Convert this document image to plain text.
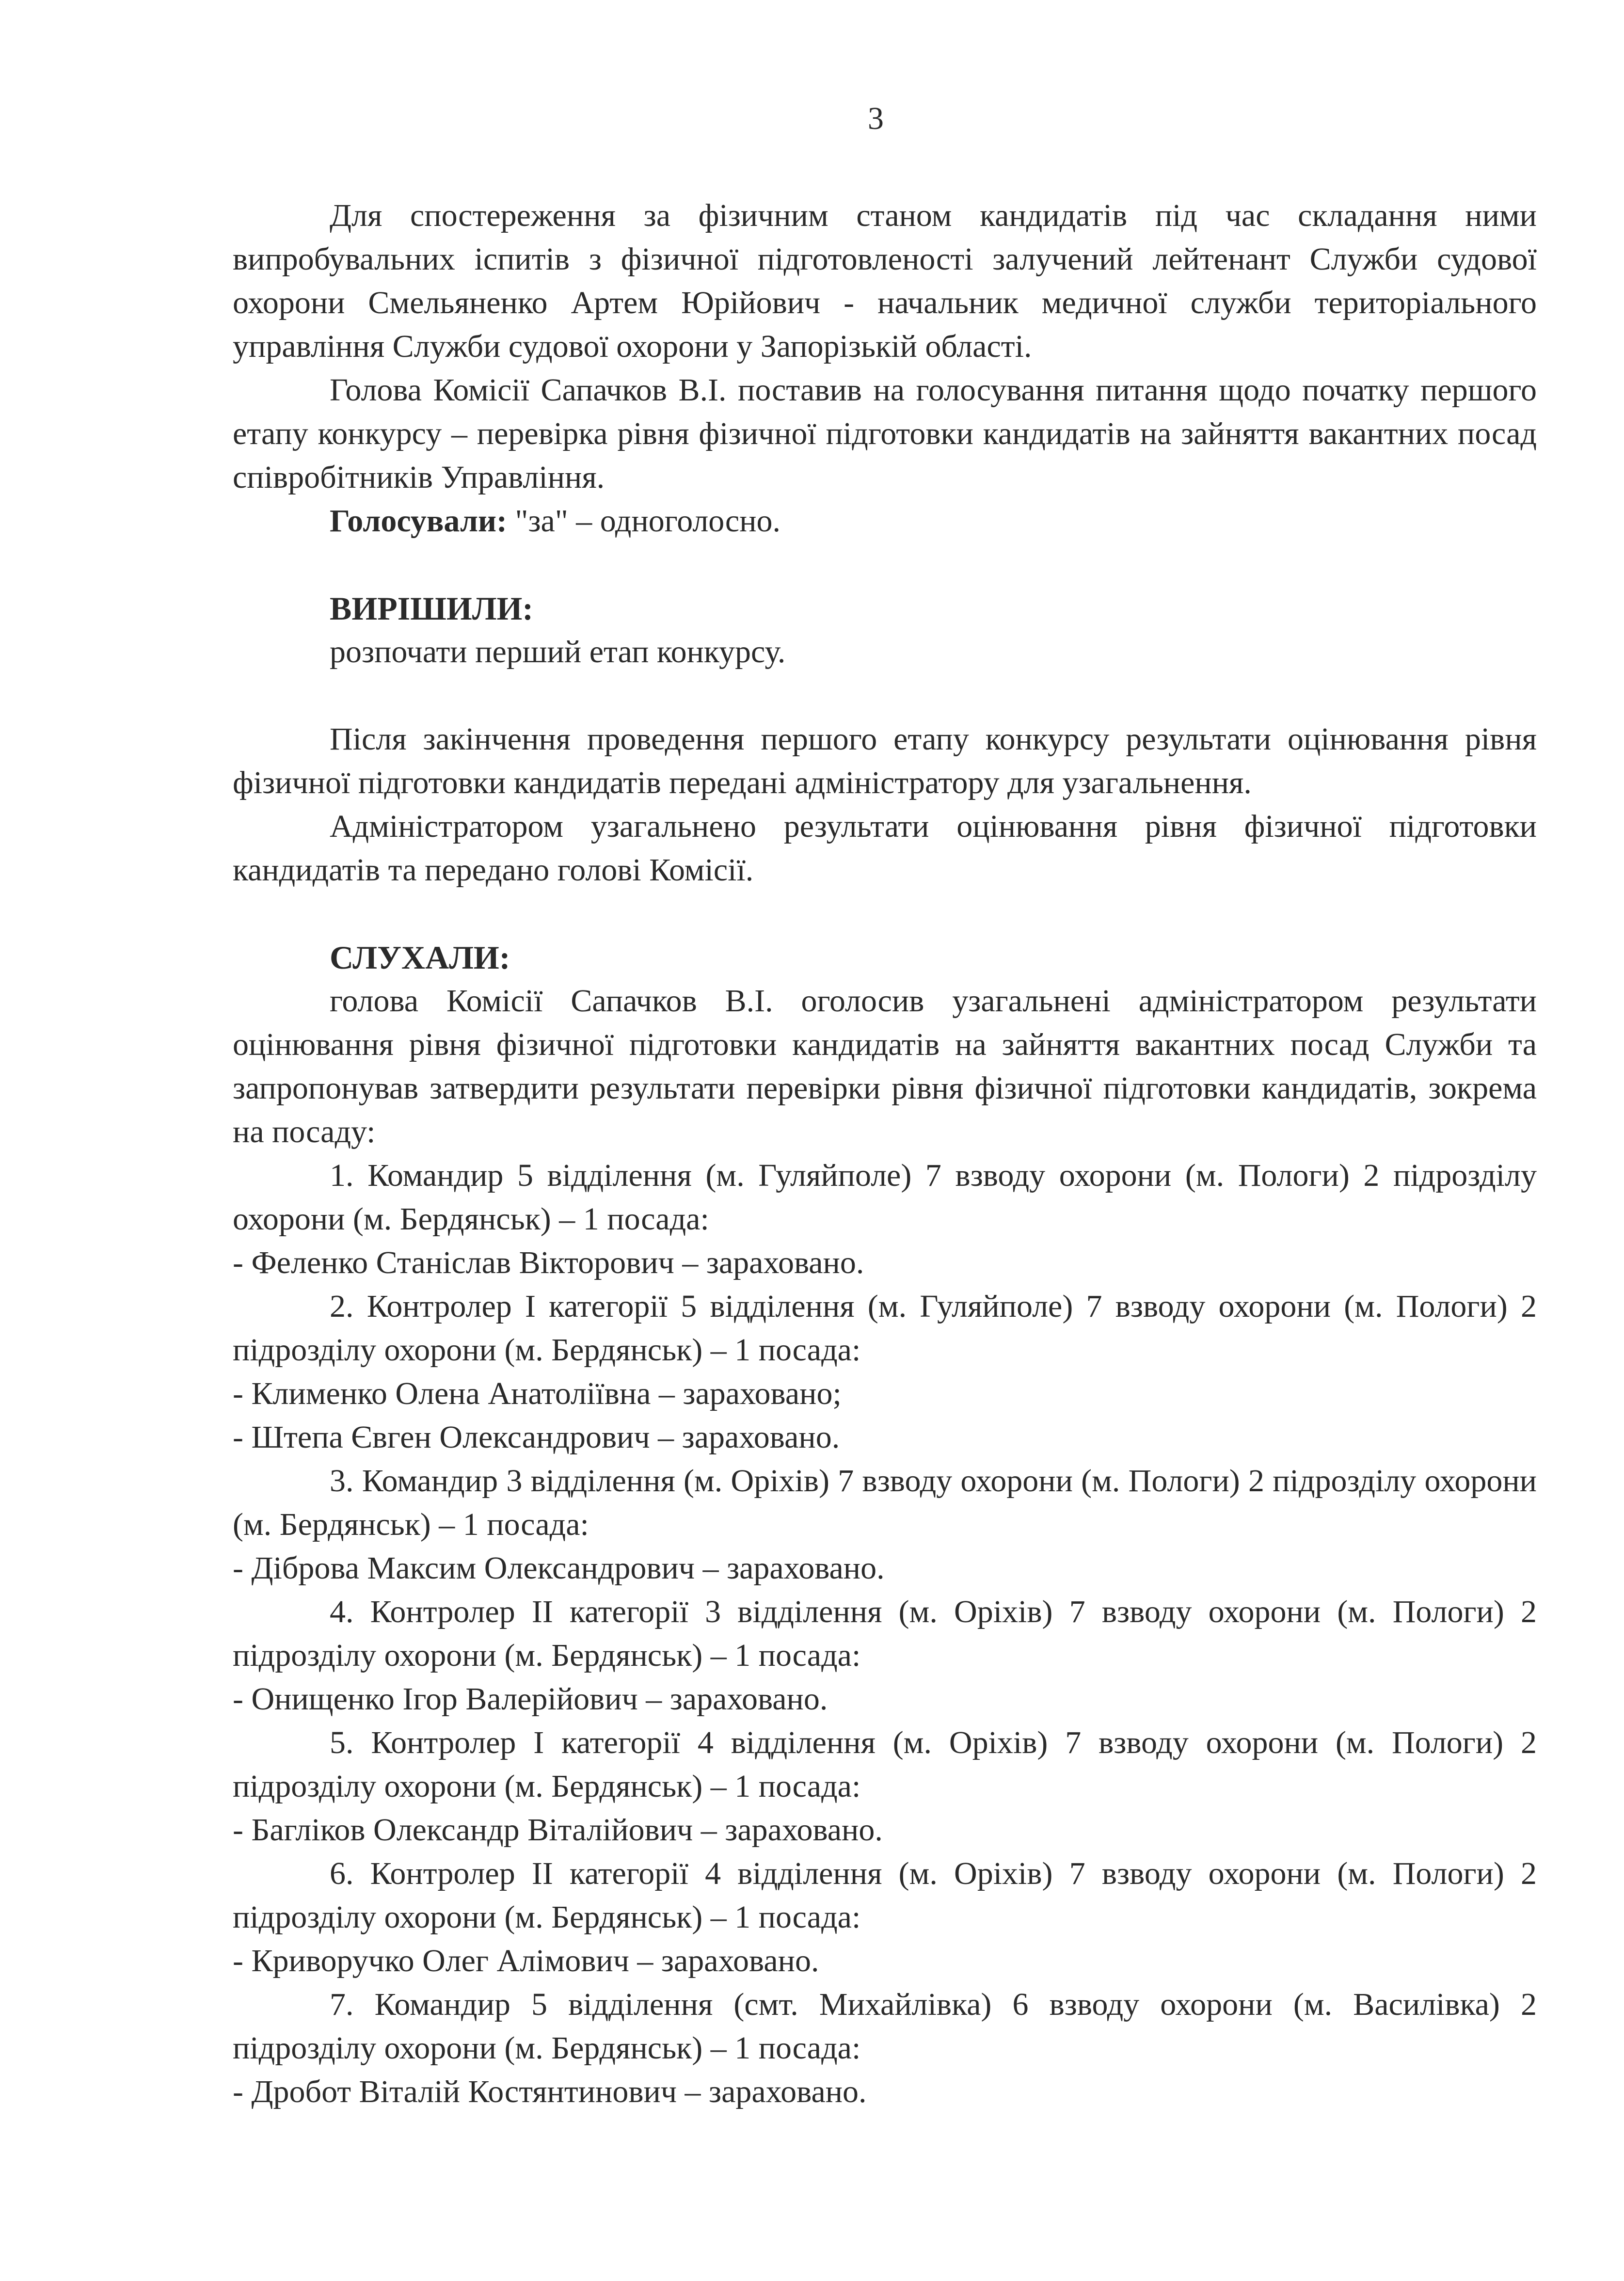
3

Для спостереження за фізичним станом кандидатів під час складання ними випробувальних іспитів з фізичної підготовленості залучений лейтенант Служби судової охорони Смельяненко Артем Юрійович - начальник медичної служби територіального управління Служби судової охорони у Запорізькій області.

Голова Комісії Сапачков В.І. поставив на голосування питання щодо початку першого етапу конкурсу – перевірка рівня фізичної підготовки кандидатів на зайняття вакантних посад співробітників Управління.

Голосували: "за" – одноголосно.

ВИРІШИЛИ:

розпочати перший етап конкурсу.

Після закінчення проведення першого етапу конкурсу результати оцінювання рівня фізичної підготовки кандидатів передані адміністратору для узагальнення.

Адміністратором узагальнено результати оцінювання рівня фізичної підготовки кандидатів та передано голові Комісії.

СЛУХАЛИ:

голова Комісії Сапачков В.І. оголосив узагальнені адміністратором результати оцінювання рівня фізичної підготовки кандидатів на зайняття вакантних посад Служби та запропонував затвердити результати перевірки рівня фізичної підготовки кандидатів, зокрема на посаду:

1. Командир 5 відділення (м. Гуляйполе) 7 взводу охорони (м. Пологи) 2 підрозділу охорони (м. Бердянськ) – 1 посада:

- Феленко Станіслав Вікторович – зараховано.

2. Контролер І категорії 5 відділення (м. Гуляйполе) 7 взводу охорони (м. Пологи) 2 підрозділу охорони (м. Бердянськ) – 1 посада:

- Клименко Олена Анатоліївна – зараховано;

- Штепа Євген Олександрович – зараховано.

3. Командир 3 відділення (м. Оріхів) 7 взводу охорони (м. Пологи) 2 підрозділу охорони (м. Бердянськ) – 1 посада:

- Діброва Максим Олександрович – зараховано.

4. Контролер ІІ категорії 3 відділення (м. Оріхів) 7 взводу охорони (м. Пологи) 2 підрозділу охорони (м. Бердянськ) – 1 посада:

- Онищенко Ігор Валерійович – зараховано.

5. Контролер І категорії 4 відділення (м. Оріхів) 7 взводу охорони (м. Пологи) 2 підрозділу охорони (м. Бердянськ) – 1 посада:

- Багліков Олександр Віталійович – зараховано.

6. Контролер ІІ категорії 4 відділення (м. Оріхів) 7 взводу охорони (м. Пологи) 2 підрозділу охорони (м. Бердянськ) – 1 посада:

- Криворучко Олег Алімович – зараховано.

7. Командир 5 відділення (смт. Михайлівка) 6 взводу охорони (м. Василівка) 2 підрозділу охорони (м. Бердянськ) – 1 посада:

- Дробот Віталій Костянтинович – зараховано.
